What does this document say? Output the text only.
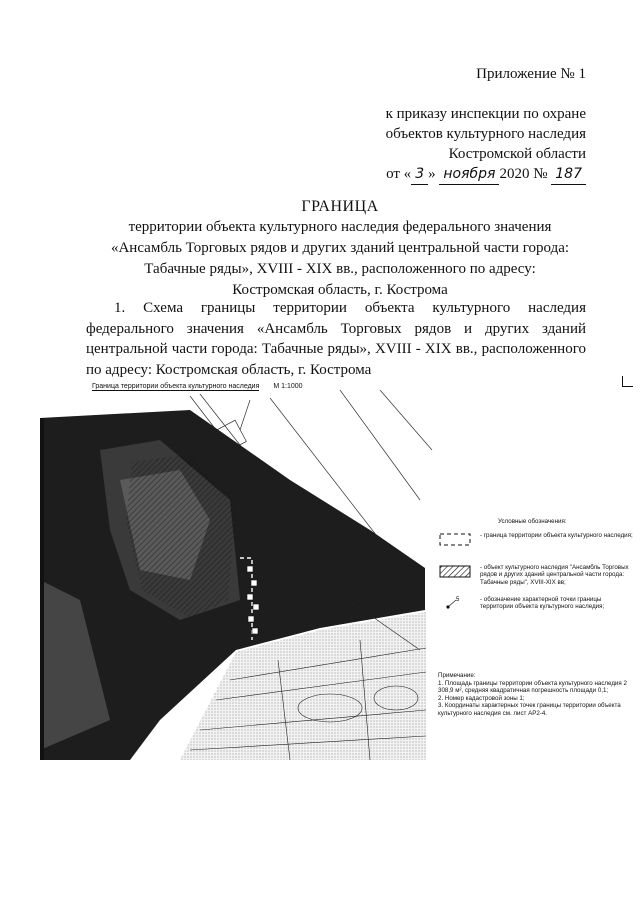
Приложение № 1
к приказу инспекции по охране
объектов культурного наследия
Костромской области
от « 3 » ноября 2020 № 187
ГРАНИЦА
территории объекта культурного наследия федерального значения
«Ансамбль Торговых рядов и других зданий центральной части города:
Табачные ряды», XVIII - XIX вв., расположенного по адресу:
Костромская область, г. Кострома
1. Схема границы территории объекта культурного наследия федерального значения «Ансамбль Торговых рядов и других зданий центральной части города: Табачные ряды», XVIII - XIX вв., расположенного по адресу: Костромская область, г. Кострома
Граница территории объекта культурного наследия М 1:1000
Условные обозначения:
- граница территории объекта культурного наследия;
- объект культурного наследия "Ансамбль Торговых рядов и других зданий центральной части города: Табачные ряды", XVIII-XIX вв;
5	- обозначение характерной точки границы территории объекта культурного наследия;
Примечание:
1. Площадь границы территории объекта культурного наследия 2 308,9 м², средняя квадратичная погрешность площади 0,1;
2. Номер кадастровой зоны 1;
3. Координаты характерных точек границы территории объекта культурного наследия см. лист АР2-4.
